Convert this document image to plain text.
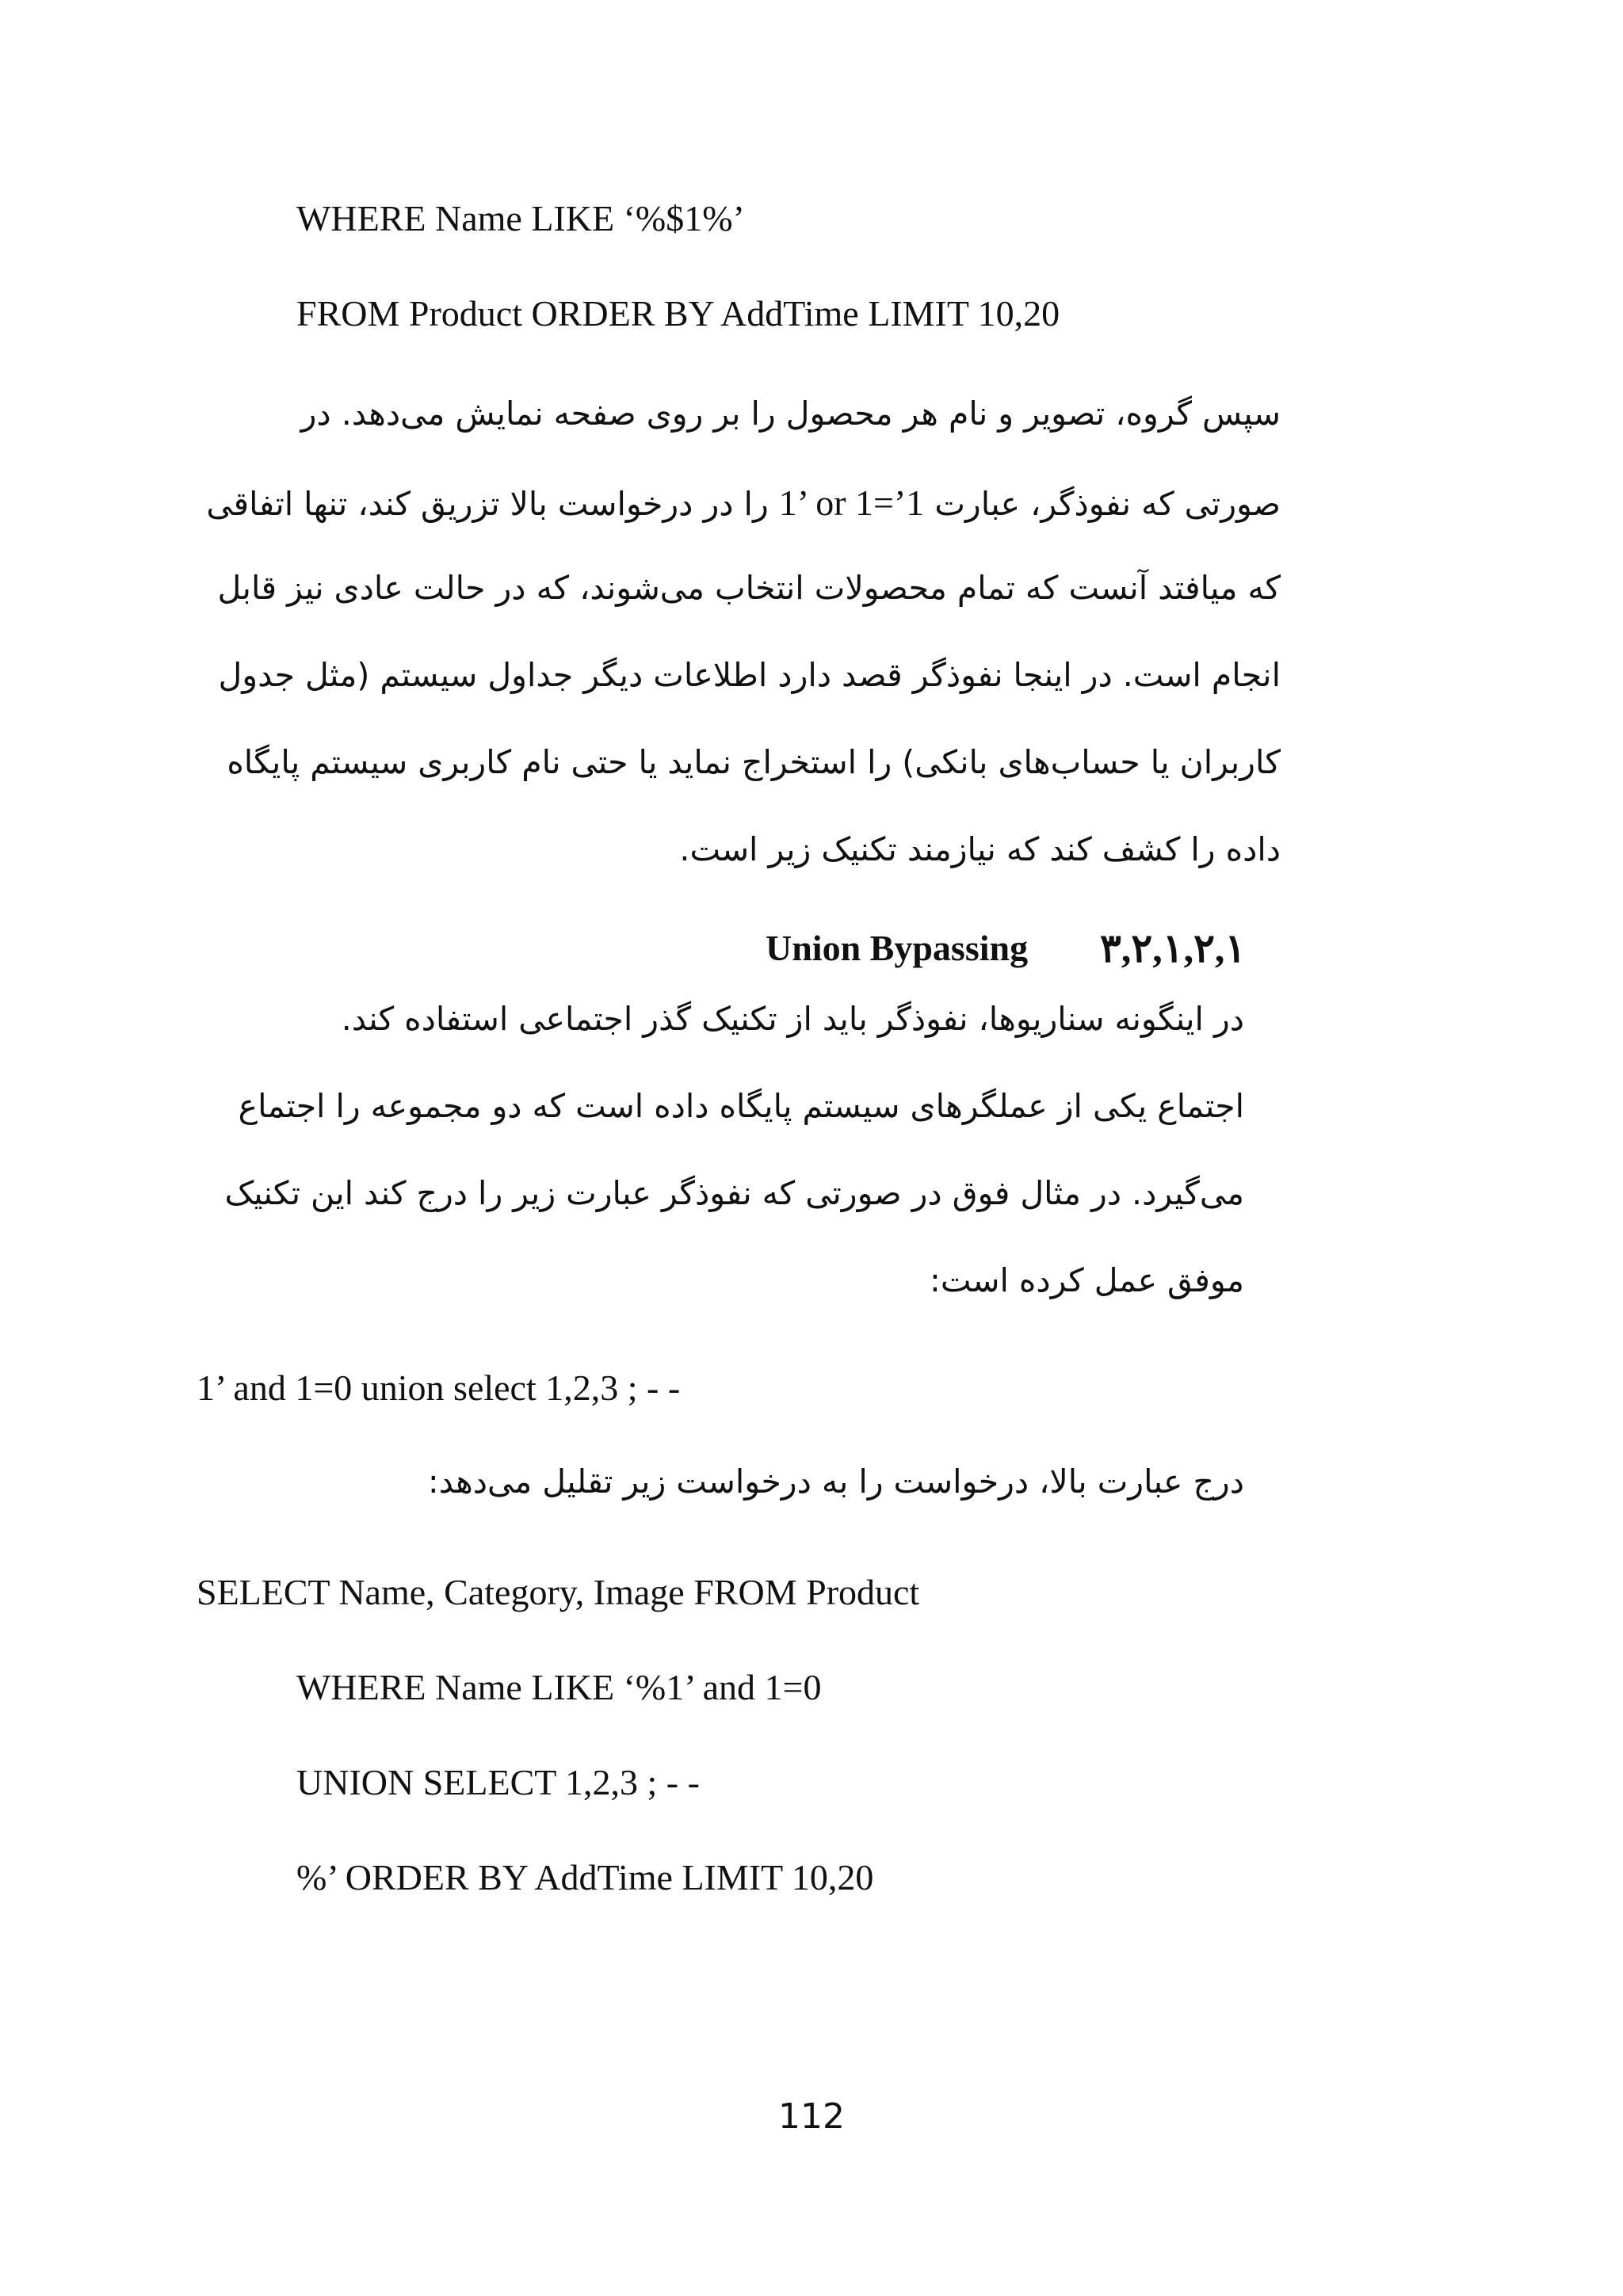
WHERE Name LIKE ‘%$1%’
FROM Product ORDER BY AddTime LIMIT 10,20
سپس گروه، تصویر و نام هر محصول را بر روی صفحه نمایش می‌دهد. در
صورتی که نفوذگر، عبارت 1’ or 1=’1 را در درخواست بالا تزریق کند، تنها اتفاقی
که میافتد آنست که تمام محصولات انتخاب می‌شوند، که در حالت عادی نیز قابل
انجام است. در اینجا نفوذگر قصد دارد اطلاعات دیگر جداول سیستم (مثل جدول
کاربران یا حساب‌های بانکی) را استخراج نماید یا حتی نام کاربری سیستم پایگاه
داده را کشف کند که نیازمند تکنیک زیر است.
Union Bypassing ۳,۲,۱,۲,۱
در اینگونه سناریوها، نفوذگر باید از تکنیک گذر اجتماعی استفاده کند.
اجتماع یکی از عملگرهای سیستم پایگاه داده است که دو مجموعه را اجتماع
می‌گیرد. در مثال فوق در صورتی که نفوذگر عبارت زیر را درج کند این تکنیک
موفق عمل کرده است:
1’ and 1=0 union select 1,2,3 ; - -
درج عبارت بالا، درخواست را به درخواست زیر تقلیل می‌دهد:
SELECT Name, Category, Image FROM Product
WHERE Name LIKE ‘%1’ and 1=0
UNION SELECT 1,2,3 ; - -
%’ ORDER BY AddTime LIMIT 10,20
112
